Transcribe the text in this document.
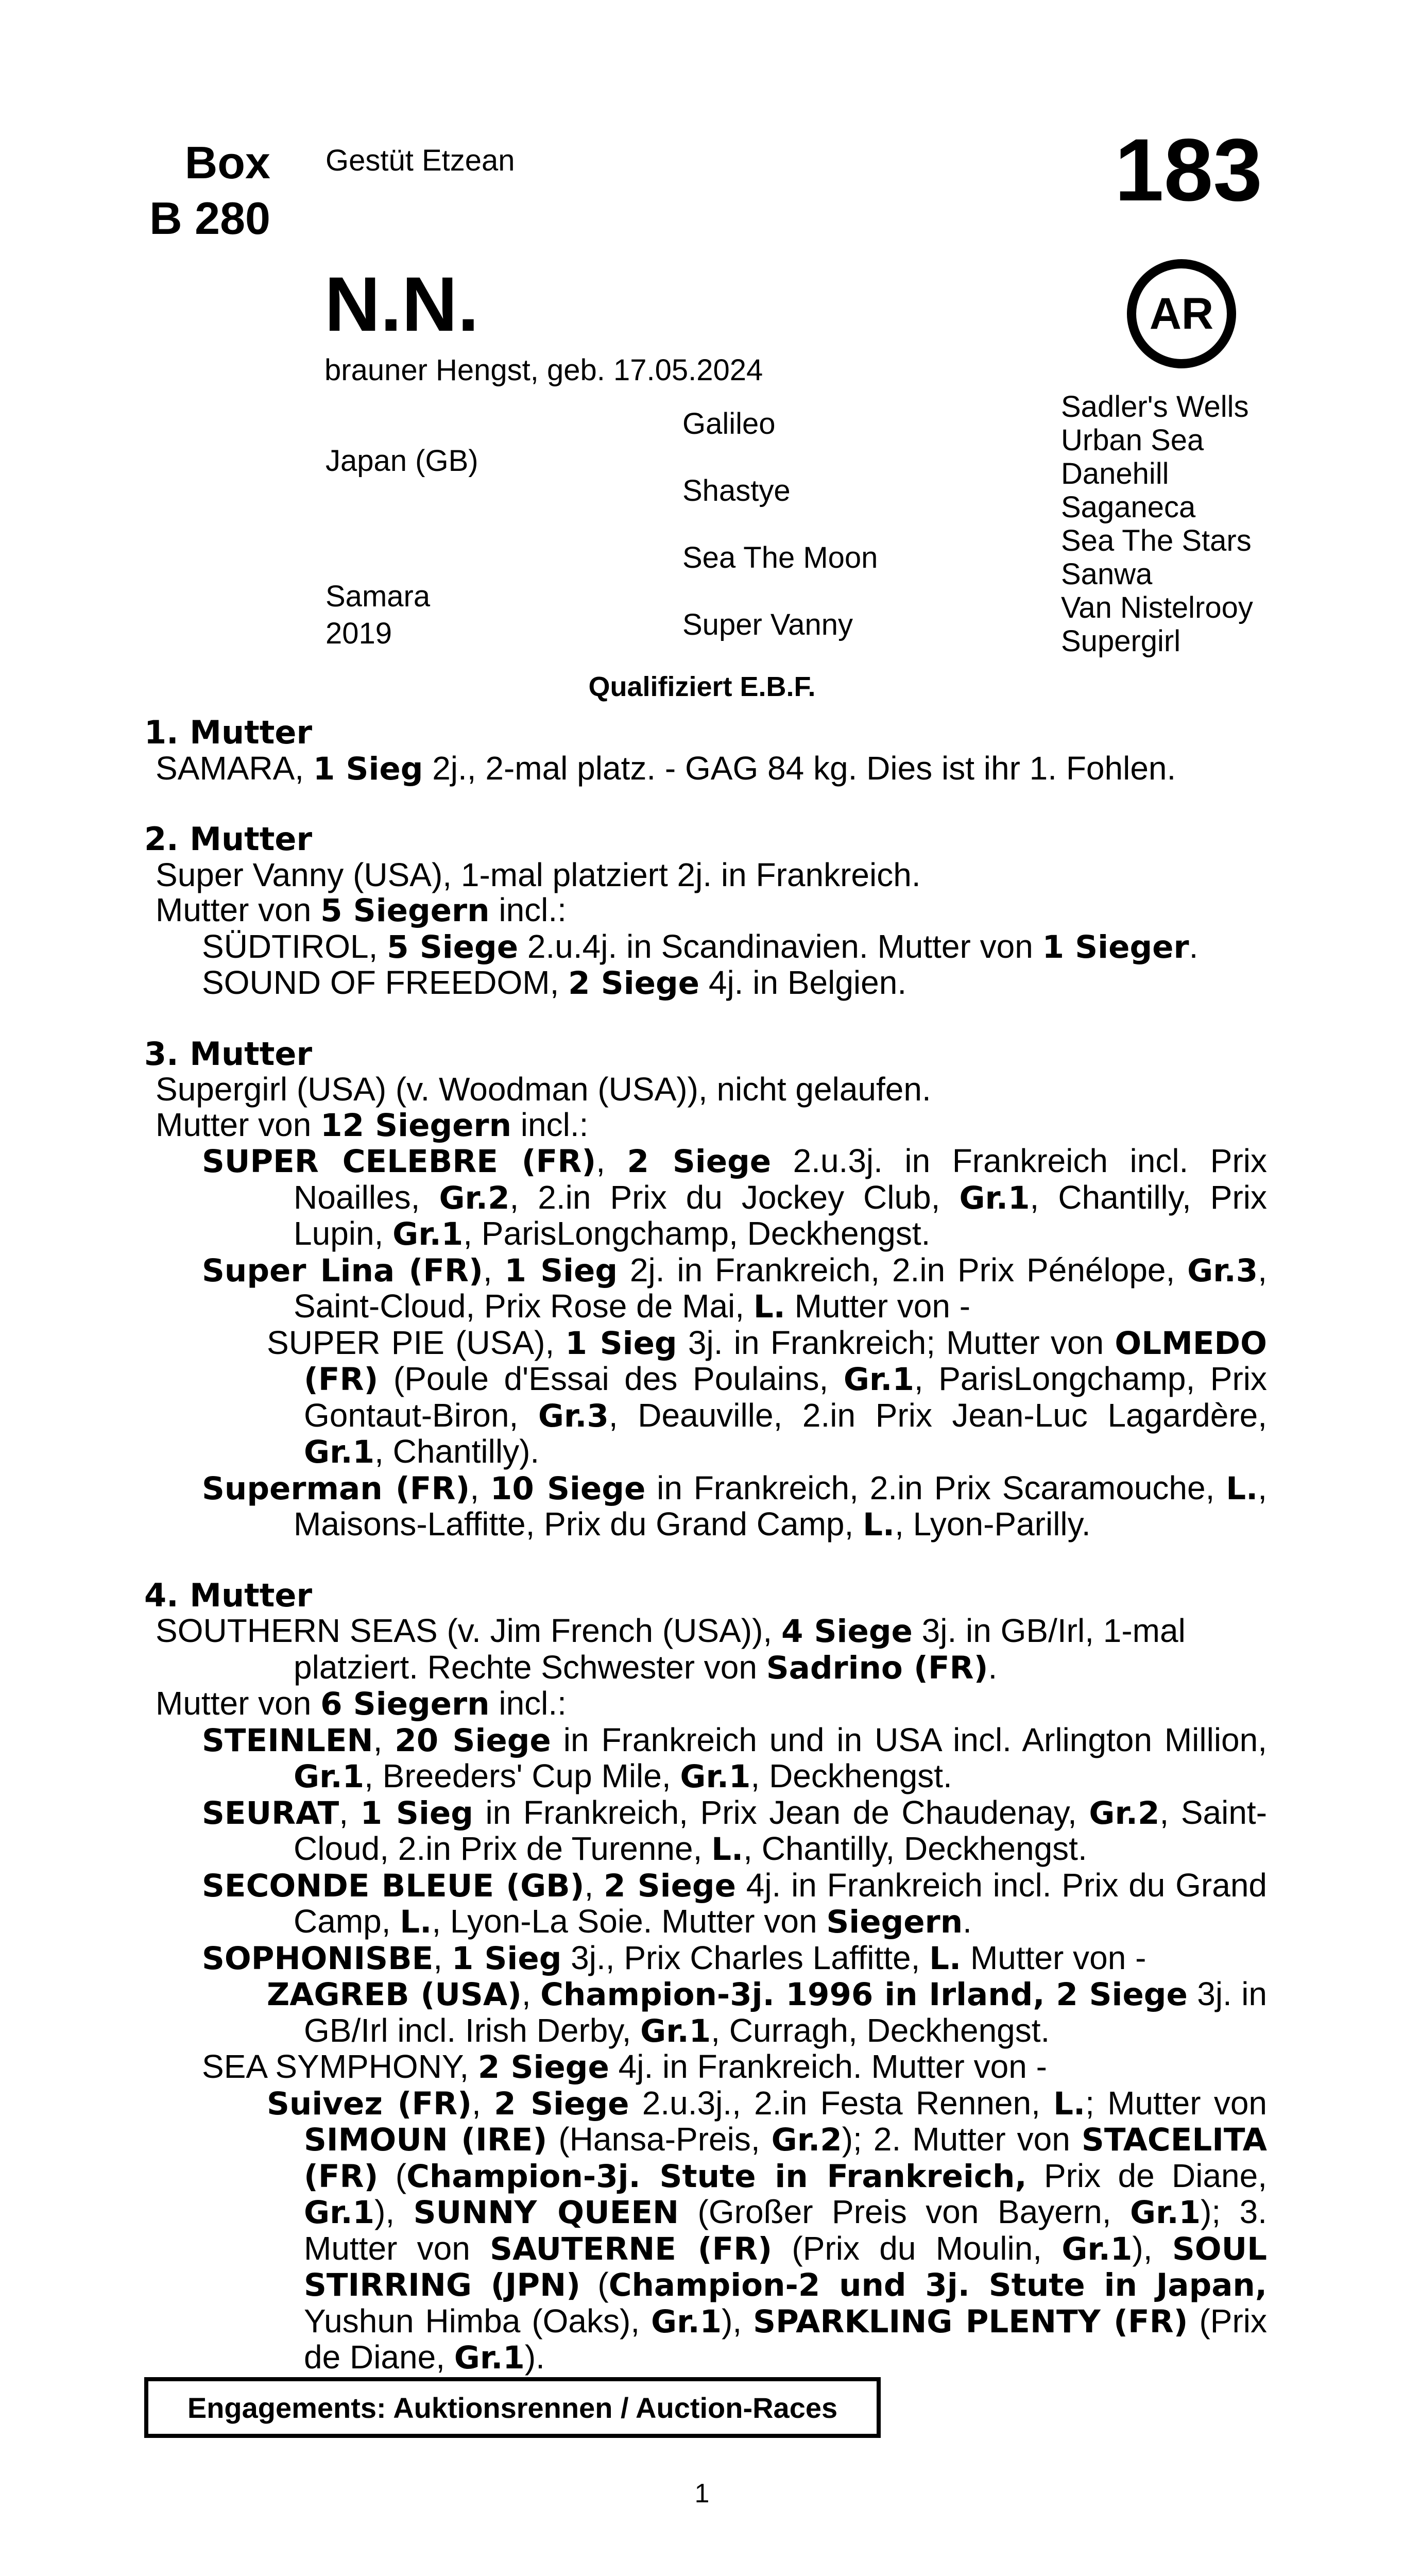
Box
B 280
Gestüt Etzean	183
N.N.	AR
brauner Hengst, geb. 17.05.2024
Japan (GB)
Samara
2019
Galileo
Shastye
Sea The Moon
Super Vanny
Sadler's Wells
Urban Sea
Danehill
Saganeca
Sea The Stars
Sanwa
Van Nistelrooy
Supergirl
Qualifiziert E.B.F.

1. Mutter

SAMARA, 1 Sieg 2j., 2-mal platz. - GAG 84 kg. Dies ist ihr 1. Fohlen.

2. Mutter

Super Vanny (USA), 1-mal platziert 2j. in Frankreich.

Mutter von 5 Siegern incl.:

SÜDTIROL, 5 Siege 2.u.4j. in Scandinavien. Mutter von 1 Sieger.

SOUND OF FREEDOM, 2 Siege 4j. in Belgien.

3. Mutter

Supergirl (USA) (v. Woodman (USA)), nicht gelaufen.

Mutter von 12 Siegern incl.:

SUPER CELEBRE (FR), 2 Siege 2.u.3j. in Frankreich incl. Prix Noailles, Gr.2, 2.in Prix du Jockey Club, Gr.1, Chantilly, Prix Lupin, Gr.1, ParisLongchamp, Deckhengst.

Super Lina (FR), 1 Sieg 2j. in Frankreich, 2.in Prix Pénélope, Gr.3, Saint-Cloud, Prix Rose de Mai, L. Mutter von -

SUPER PIE (USA), 1 Sieg 3j. in Frankreich; Mutter von OLMEDO (FR) (Poule d'Essai des Poulains, Gr.1, ParisLongchamp, Prix Gontaut-Biron, Gr.3, Deauville, 2.in Prix Jean-Luc Lagardère, Gr.1, Chantilly).

Superman (FR), 10 Siege in Frankreich, 2.in Prix Scaramouche, L., Maisons-Laffitte, Prix du Grand Camp, L., Lyon-Parilly.

4. Mutter

SOUTHERN SEAS (v. Jim French (USA)), 4 Siege 3j. in GB/Irl, 1-mal platziert. Rechte Schwester von Sadrino (FR).

Mutter von 6 Siegern incl.:

STEINLEN, 20 Siege in Frankreich und in USA incl. Arlington Million, Gr.1, Breeders' Cup Mile, Gr.1, Deckhengst.

SEURAT, 1 Sieg in Frankreich, Prix Jean de Chaudenay, Gr.2, Saint-Cloud, 2.in Prix de Turenne, L., Chantilly, Deckhengst.

SECONDE BLEUE (GB), 2 Siege 4j. in Frankreich incl. Prix du Grand Camp, L., Lyon-La Soie. Mutter von Siegern.

SOPHONISBE, 1 Sieg 3j., Prix Charles Laffitte, L. Mutter von -

ZAGREB (USA), Champion-3j. 1996 in Irland, 2 Siege 3j. in GB/Irl incl. Irish Derby, Gr.1, Curragh, Deckhengst.

SEA SYMPHONY, 2 Siege 4j. in Frankreich. Mutter von -

Suivez (FR), 2 Siege 2.u.3j., 2.in Festa Rennen, L.; Mutter von SIMOUN (IRE) (Hansa-Preis, Gr.2); 2. Mutter von STACELITA (FR) (Champion-3j. Stute in Frankreich, Prix de Diane, Gr.1), SUNNY QUEEN (Großer Preis von Bayern, Gr.1); 3. Mutter von SAUTERNE (FR) (Prix du Moulin, Gr.1), SOUL STIRRING (JPN) (Champion-2 und 3j. Stute in Japan, Yushun Himba (Oaks), Gr.1), SPARKLING PLENTY (FR) (Prix de Diane, Gr.1).

Engagements: Auktionsrennen / Auction-Races
1
